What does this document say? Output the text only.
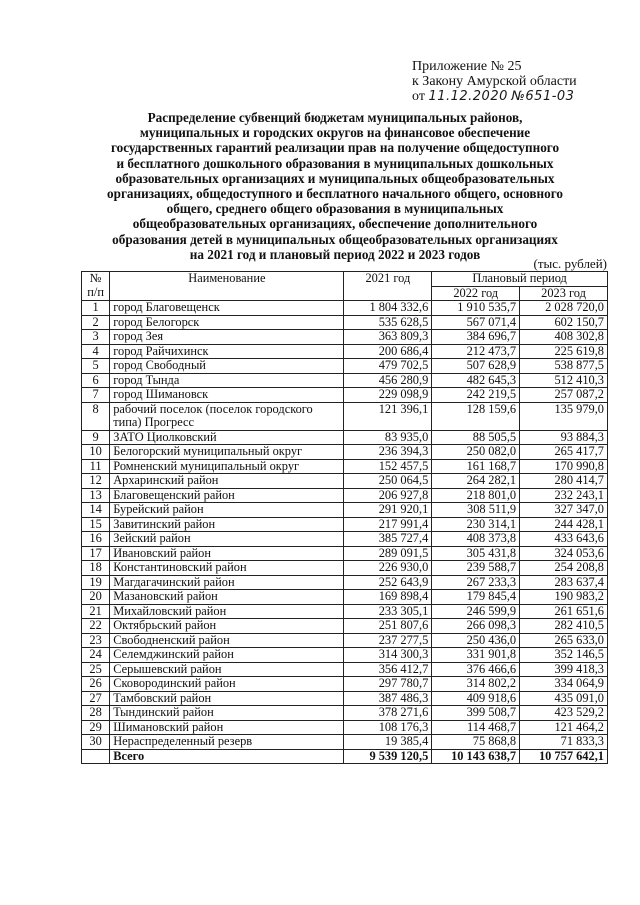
Приложение № 25
к Закону Амурской области
от 11.12.2020 №651-03
Распределение субвенций бюджетам муниципальных районов,
муниципальных и городских округов на финансовое обеспечение
государственных гарантий реализации прав на получение общедоступного
и бесплатного дошкольного образования в муниципальных дошкольных
образовательных организациях и муниципальных общеобразовательных
организациях, общедоступного и бесплатного начального общего, основного
общего, среднего общего образования в муниципальных
общеобразовательных организациях, обеспечение дополнительного
образования детей в муниципальных общеобразовательных организациях
на 2021 год и плановый период 2022 и 2023 годов
(тыс. рублей)
№
п/п	Наименование	2021 год	Плановый период	
			2022 год	2023 год
1	город Благовещенск	1 804 332,6	1 910 535,7	2 028 720,0
2	город Белогорск	535 628,5	567 071,4	602 150,7
3	город Зея	363 809,3	384 696,7	408 302,8
4	город Райчихинск	200 686,4	212 473,7	225 619,8
5	город Свободный	479 702,5	507 628,9	538 877,5
6	город Тында	456 280,9	482 645,3	512 410,3
7	город Шимановск	229 098,9	242 219,5	257 087,2
8	рабочий поселок (поселок городского типа) Прогресс	121 396,1	128 159,6	135 979,0
9	ЗАТО Циолковский	83 935,0	88 505,5	93 884,3
10	Белогорский муниципальный округ	236 394,3	250 082,0	265 417,7
11	Ромненский муниципальный округ	152 457,5	161 168,7	170 990,8
12	Архаринский район	250 064,5	264 282,1	280 414,7
13	Благовещенский район	206 927,8	218 801,0	232 243,1
14	Бурейский район	291 920,1	308 511,9	327 347,0
15	Завитинский район	217 991,4	230 314,1	244 428,1
16	Зейский район	385 727,4	408 373,8	433 643,6
17	Ивановский район	289 091,5	305 431,8	324 053,6
18	Константиновский район	226 930,0	239 588,7	254 208,8
19	Магдагачинский район	252 643,9	267 233,3	283 637,4
20	Мазановский район	169 898,4	179 845,4	190 983,2
21	Михайловский район	233 305,1	246 599,9	261 651,6
22	Октябрьский район	251 807,6	266 098,3	282 410,5
23	Свободненский район	237 277,5	250 436,0	265 633,0
24	Селемджинский район	314 300,3	331 901,8	352 146,5
25	Серышевский район	356 412,7	376 466,6	399 418,3
26	Сковородинский район	297 780,7	314 802,2	334 064,9
27	Тамбовский район	387 486,3	409 918,6	435 091,0
28	Тындинский район	378 271,6	399 508,7	423 529,2
29	Шимановский район	108 176,3	114 468,7	121 464,2
30	Нераспределенный резерв	19 385,4	75 868,8	71 833,3
	Всего	9 539 120,5	10 143 638,7	10 757 642,1
